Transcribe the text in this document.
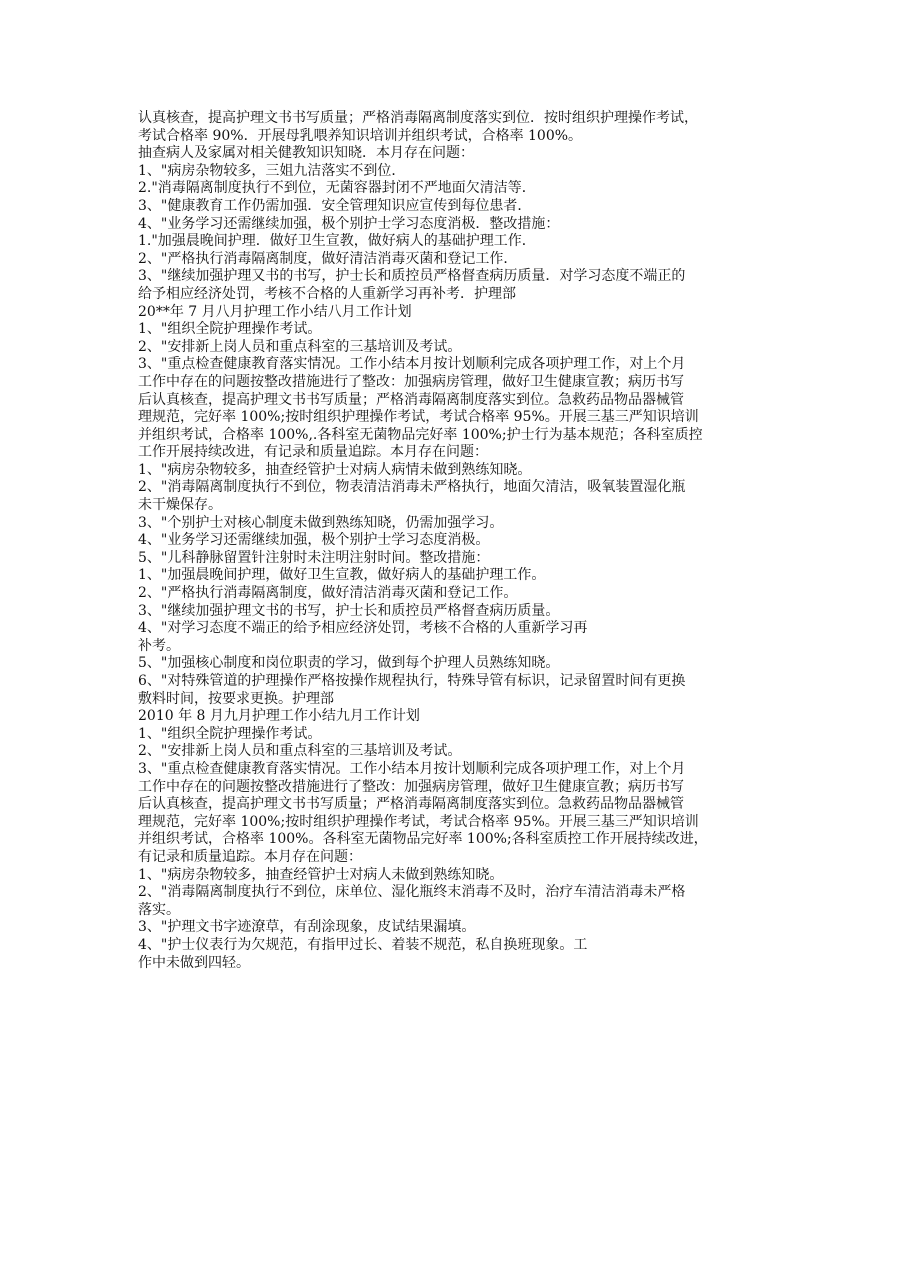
认真核查，提高护理文书书写质量；严格消毒隔离制度落实到位．按时组织护理操作考试，
考试合格率 90%．开展母乳喂养知识培训并组织考试，合格率 100%。
抽查病人及家属对相关健教知识知晓．本月存在问题：
1、"病房杂物较多，三姐九洁落实不到位．
2."消毒隔离制度执行不到位，无菌容器封闭不严地面欠清洁等．
3、"健康教育工作仍需加强．安全管理知识应宣传到每位患者．
4、"业务学习还需继续加强，极个别护士学习态度消极．整改措施：
1."加强晨晚间护理．做好卫生宣教，做好病人的基础护理工作．
2、"严格执行消毒隔离制度，做好清洁消毒灭菌和登记工作．
3、"继续加强护理又书的书写，护士长和质控员严格督查病历质量．对学习态度不端正的
给予相应经济处罚，考核不合格的人重新学习再补考．护理部
20**年 7 月八月护理工作小结八月工作计划
1、"组织全院护理操作考试。
2、"安排新上岗人员和重点科室的三基培训及考试。
3、"重点检查健康教育落实情况。工作小结本月按计划顺利完成各项护理工作，对上个月
工作中存在的问题按整改措施进行了整改：加强病房管理，做好卫生健康宣教；病历书写
后认真核查，提高护理文书书写质量；严格消毒隔离制度落实到位。急救药品物品器械管
理规范，完好率 100%;按时组织护理操作考试，考试合格率 95%。开展三基三严知识培训
并组织考试，合格率 100%,.各科室无菌物品完好率 100%;护士行为基本规范；各科室质控
工作开展持续改进，有记录和质量追踪。本月存在问题：
1、"病房杂物较多，抽查经管护士对病人病情未做到熟练知晓。
2、"消毒隔离制度执行不到位，物表清洁消毒未严格执行，地面欠清洁，吸氧装置湿化瓶
未干燥保存。
3、"个别护士对核心制度未做到熟练知晓，仍需加强学习。
4、"业务学习还需继续加强，极个别护士学习态度消极。
5、"儿科静脉留置针注射时未注明注射时间。整改措施：
1、"加强晨晚间护理，做好卫生宣教，做好病人的基础护理工作。
2、"严格执行消毒隔离制度，做好清洁消毒灭菌和登记工作。
3、"继续加强护理文书的书写，护士长和质控员严格督查病历质量。
4、"对学习态度不端正的给予相应经济处罚，考核不合格的人重新学习再
补考。
5、"加强核心制度和岗位职责的学习，做到每个护理人员熟练知晓。
6、"对特殊管道的护理操作严格按操作规程执行，特殊导管有标识，记录留置时间有更换
敷料时间，按要求更换。护理部
2010 年 8 月九月护理工作小结九月工作计划
1、"组织全院护理操作考试。
2、"安排新上岗人员和重点科室的三基培训及考试。
3、"重点检查健康教育落实情况。工作小结本月按计划顺利完成各项护理工作，对上个月
工作中存在的问题按整改措施进行了整改：加强病房管理，做好卫生健康宣教；病历书写
后认真核查，提高护理文书书写质量；严格消毒隔离制度落实到位。急救药品物品器械管
理规范，完好率 100%;按时组织护理操作考试，考试合格率 95%。开展三基三严知识培训
并组织考试，合格率 100%。各科室无菌物品完好率 100%;各科室质控工作开展持续改进，
有记录和质量追踪。本月存在问题：
1、"病房杂物较多，抽查经管护士对病人未做到熟练知晓。
2、"消毒隔离制度执行不到位，床单位、湿化瓶终末消毒不及时，治疗车清洁消毒未严格
落实。
3、"护理文书字迹潦草，有刮涂现象，皮试结果漏填。
4、"护士仪表行为欠规范，有指甲过长、着装不规范，私自换班现象。工
作中未做到四轻。
